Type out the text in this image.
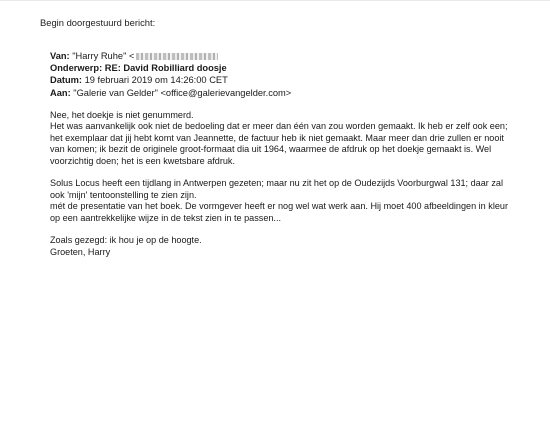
Begin doorgestuurd bericht:
Van: "Harry Ruhe" <
Onderwerp: RE: David Robilliard doosje
Datum: 19 februari 2019 om 14:26:00 CET
Aan: "Galerie van Gelder" <office@galerievangelder.com>
Nee, het doekje is niet genummerd.
Het was aanvankelijk ook niet de bedoeling dat er meer dan één van zou worden gemaakt. Ik heb er zelf ook een;
het exemplaar dat jij hebt komt van Jeannette, de factuur heb ik niet gemaakt. Maar meer dan drie zullen er nooit
van komen; ik bezit de originele groot-formaat dia uit 1964, waarmee de afdruk op het doekje gemaakt is. Wel
voorzichtig doen; het is een kwetsbare afdruk.
Solus Locus heeft een tijdlang in Antwerpen gezeten; maar nu zit het op de Oudezijds Voorburgwal 131; daar zal
ook 'mijn' tentoonstelling te zien zijn.
mét de presentatie van het boek. De vormgever heeft er nog wel wat werk aan. Hij moet 400 afbeeldingen in kleur
op een aantrekkelijke wijze in de tekst zien in te passen...
Zoals gezegd: ik hou je op de hoogte.
Groeten, Harry
